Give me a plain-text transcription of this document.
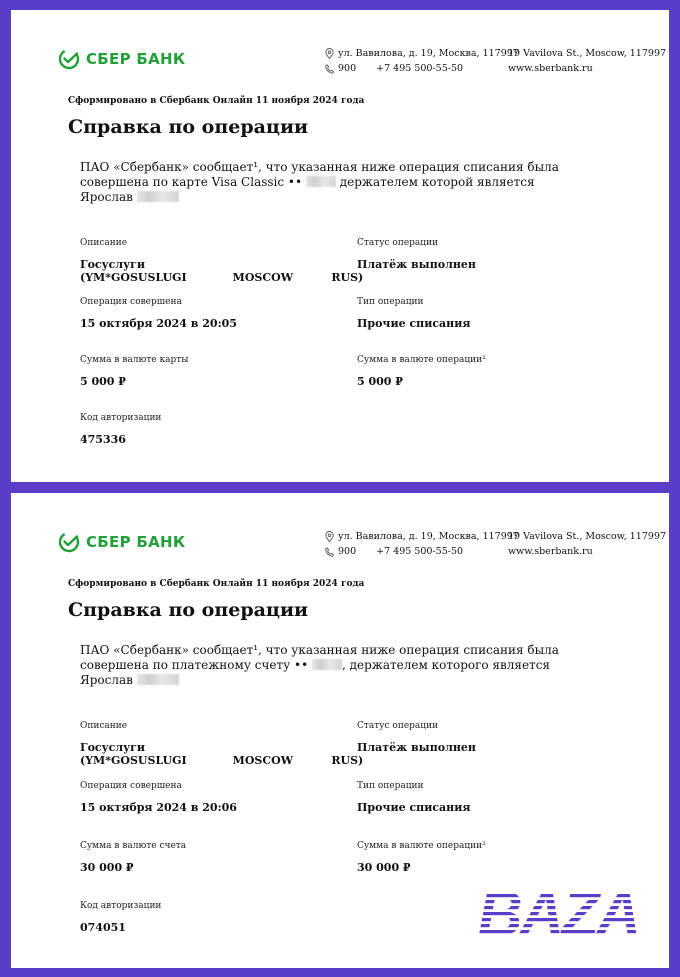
СБЕР БАНК	ул. Вавилова, д. 19, Москва, 117997
900 +7 495 500-55-50
19 Vavilova St., Moscow, 117997
www.sberbank.ru
Сформировано в Сбербанк Онлайн 11 ноября 2024 года
Справка по операции
ПАО «Сбербанк» сообщает¹, что указанная ниже операция списания была
совершена по карте Visa Classic ••	держателем которой является
Ярослав
Описание
Госуслуги
(YM*GOSUSLUGI            MOSCOW          RUS)
Статус операции
Платёж выполнен
Операция совершена
15 октября 2024 в 20:05
Тип операции
Прочие списания
Сумма в валюте карты
5 000 ₽
Сумма в валюте операции²
5 000 ₽
Код авторизации
475336
СБЕР БАНК	ул. Вавилова, д. 19, Москва, 117997
900 +7 495 500-55-50
19 Vavilova St., Moscow, 117997
www.sberbank.ru
Сформировано в Сбербанк Онлайн 11 ноября 2024 года
Справка по операции
ПАО «Сбербанк» сообщает¹, что указанная ниже операция списания была
совершена по платежному счету ••	, держателем которого является
Ярослав
Описание
Госуслуги
(YM*GOSUSLUGI            MOSCOW          RUS)
Статус операции
Платёж выполнен
Операция совершена
15 октября 2024 в 20:06
Тип операции
Прочие списания
Сумма в валюте счета
30 000 ₽
Сумма в валюте операции²
30 000 ₽
Код авторизации
074051	BAZA
